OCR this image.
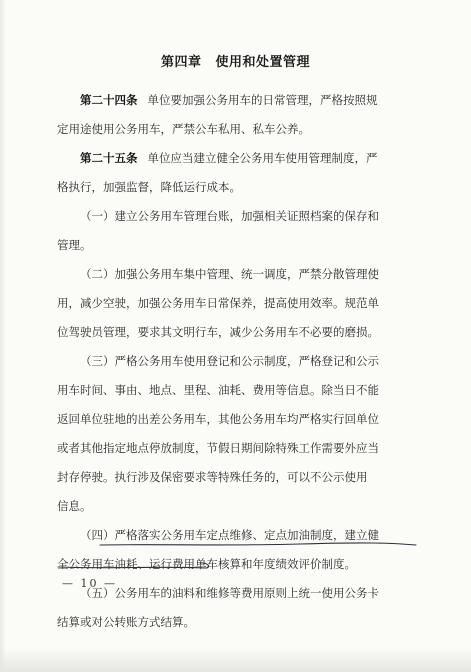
第四章 使用和处置管理
第二十四条 单位要加强公务用车的日常管理，严格按照规
定用途使用公务用车，严禁公车私用、私车公养。
第二十五条 单位应当建立健全公务用车使用管理制度，严
格执行，加强监督，降低运行成本。
（一）建立公务用车管理台账，加强相关证照档案的保存和
管理。
（二）加强公务用车集中管理、统一调度，严禁分散管理使
用，减少空驶，加强公务用车日常保养，提高使用效率。规范单
位驾驶员管理，要求其文明行车，减少公务用车不必要的磨损。
（三）严格公务用车使用登记和公示制度，严格登记和公示
用车时间、事由、地点、里程、油耗、费用等信息。除当日不能
返回单位驻地的出差公务用车，其他公务用车均严格实行回单位
或者其他指定地点停放制度，节假日期间除特殊工作需要外应当
封存停驶。执行涉及保密要求等特殊任务的，可以不公示使用
信息。
（四）严格落实公务用车定点维修、定点加油制度，建立健
全公务用车油耗、运行费用单车核算和年度绩效评价制度。
（五）公务用车的油料和维修等费用原则上统一使用公务卡
结算或对公转账方式结算。
— 10 —
